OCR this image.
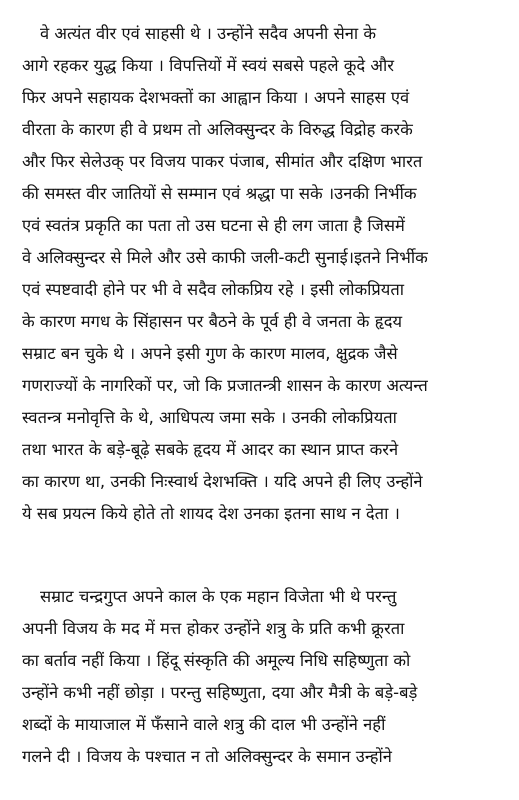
वे अत्यंत वीर एवं साहसी थे । उन्होंने सदैव अपनी सेना के
आगे रहकर युद्ध किया । विपत्तियों में स्वयं सबसे पहले कूदे और
फिर अपने सहायक देशभक्तों का आह्वान किया । अपने साहस एवं
वीरता के कारण ही वे प्रथम तो अलिक्सुन्दर के विरुद्ध विद्रोह करके
और फिर सेलेउक् पर विजय पाकर पंजाब, सीमांत और दक्षिण भारत
की समस्त वीर जातियों से सम्मान एवं श्रद्धा पा सके ।उनकी निर्भीक
एवं स्वतंत्र प्रकृति का पता तो उस घटना से ही लग जाता है जिसमें
वे अलिक्सुन्दर से मिले और उसे काफी जली-कटी सुनाई।इतने निर्भीक
एवं स्पष्टवादी होने पर भी वे सदैव लोकप्रिय रहे । इसी लोकप्रियता
के कारण मगध के सिंहासन पर बैठने के पूर्व ही वे जनता के हृदय
सम्राट बन चुके थे । अपने इसी गुण के कारण मालव, क्षुद्रक जैसे
गणराज्यों के नागरिकों पर, जो कि प्रजातन्त्री शासन के कारण अत्यन्त
स्वतन्त्र मनोवृत्ति के थे, आधिपत्य जमा सके । उनकी लोकप्रियता
तथा भारत के बड़े-बूढ़े सबके हृदय में आदर का स्थान प्राप्त करने
का कारण था, उनकी निःस्वार्थ देशभक्ति । यदि अपने ही लिए उन्होंने
ये सब प्रयत्न किये होते तो शायद देश उनका इतना साथ न देता ।
सम्राट चन्द्रगुप्त अपने काल के एक महान विजेता भी थे परन्तु
अपनी विजय के मद में मत्त होकर उन्होंने शत्रु के प्रति कभी क्रूरता
का बर्ताव नहीं किया । हिंदू संस्कृति की अमूल्य निधि सहिष्णुता को
उन्होंने कभी नहीं छोड़ा । परन्तु सहिष्णुता, दया और मैत्री के बड़े-बड़े
शब्दों के मायाजाल में फँसाने वाले शत्रु की दाल भी उन्होंने नहीं
गलने दी । विजय के पश्चात न तो अलिक्सुन्दर के समान उन्होंने
